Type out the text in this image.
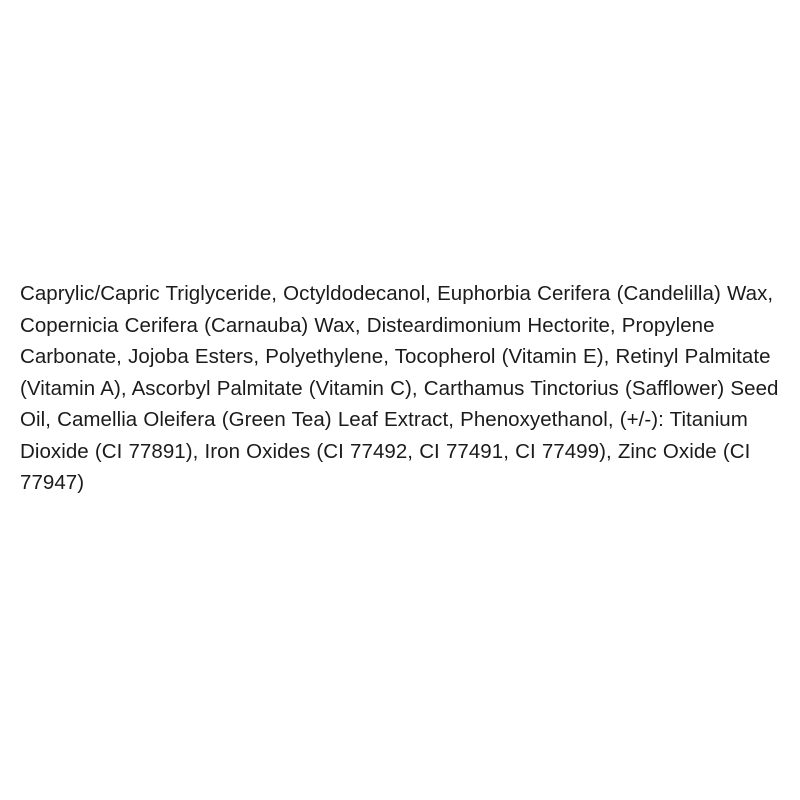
Caprylic/Capric Triglyceride, Octyldodecanol, Euphorbia Cerifera (Candelilla) Wax, Copernicia Cerifera (Carnauba) Wax, Disteardimonium Hectorite, Propylene Carbonate, Jojoba Esters, Polyethylene, Tocopherol (Vitamin E), Retinyl Palmitate (Vitamin A), Ascorbyl Palmitate (Vitamin C), Carthamus Tinctorius (Safflower) Seed Oil, Camellia Oleifera (Green Tea) Leaf Extract, Phenoxyethanol, (+/-): Titanium Dioxide (CI 77891), Iron Oxides (CI 77492, CI 77491, CI 77499), Zinc Oxide (CI 77947)
